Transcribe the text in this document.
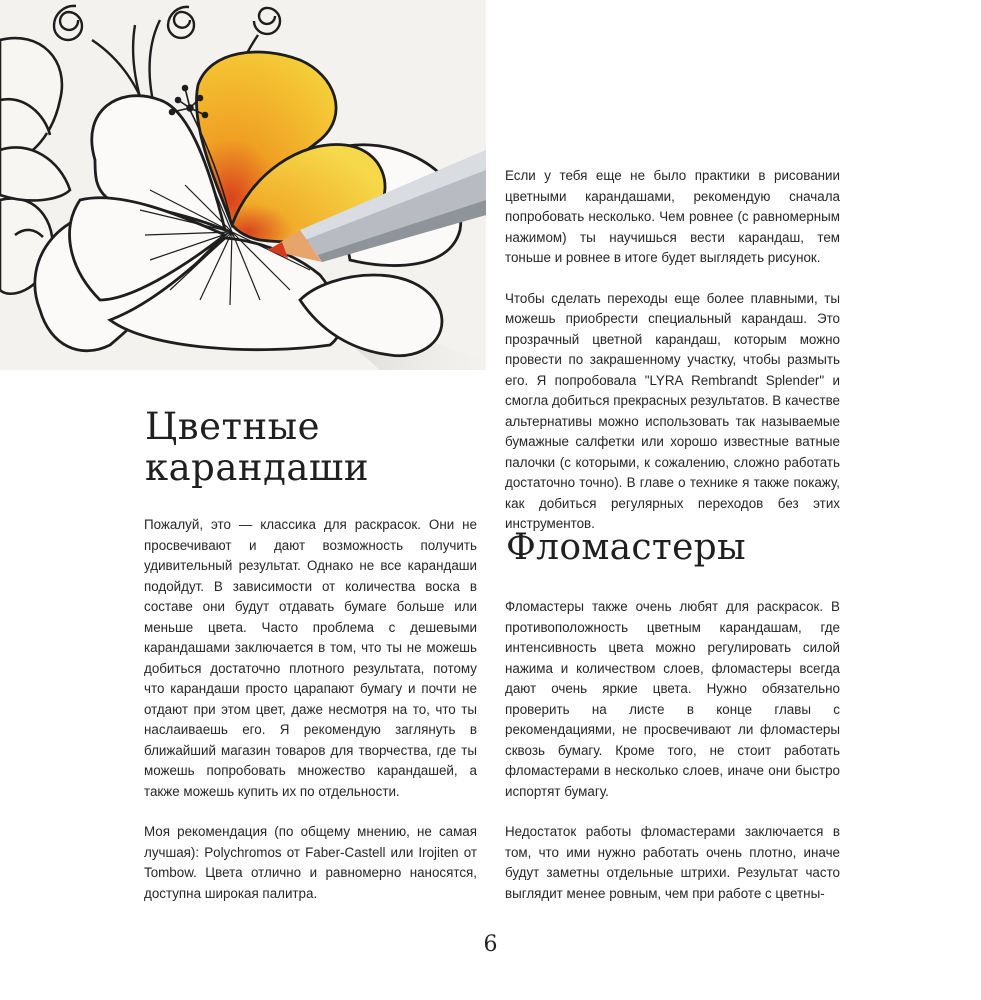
Цветные
карандаши

Пожалуй, это — классика для раскрасок. Они не просвечивают и дают возможность получить удивительный результат. Однако не все карандаши подойдут. В зависимости от количества воска в составе они будут отдавать бумаге больше или меньше цвета. Часто проблема с дешевыми карандашами заключается в том, что ты не можешь добиться достаточно плотного результата, потому что карандаши просто царапают бумагу и почти не отдают при этом цвет, даже несмотря на то, что ты наслаиваешь его. Я рекомендую заглянуть в ближайший магазин товаров для творчества, где ты можешь попробовать множество карандашей, а также можешь купить их по отдельности.

Моя рекомендация (по общему мнению, не самая лучшая): Polychromos от Faber-Castell или Irojiten от Tombow. Цвета отлично и равномерно наносятся, доступна широкая палитра.

Если у тебя еще не было практики в рисовании цветными карандашами, рекомендую сначала попробовать несколько. Чем ровнее (с равномерным нажимом) ты научишься вести карандаш, тем тоньше и ровнее в итоге будет выглядеть рисунок.

Чтобы сделать переходы еще более плавными, ты можешь приобрести специальный карандаш. Это прозрачный цветной карандаш, которым можно провести по закрашенному участку, чтобы размыть его. Я попробовала "LYRA Rembrandt Splender" и смогла добиться прекрасных результатов. В качестве альтернативы можно использовать так называемые бумажные салфетки или хорошо известные ватные палочки (с которыми, к сожалению, сложно работать достаточно точно). В главе о технике я также покажу, как добиться регулярных переходов без этих инструментов.

Фломастеры

Фломастеры также очень любят для раскрасок. В противоположность цветным карандашам, где интенсивность цвета можно регулировать силой нажима и количеством слоев, фломастеры всегда дают очень яркие цвета. Нужно обязательно проверить на листе в конце главы с рекомендациями, не просвечивают ли фломастеры сквозь бумагу. Кроме того, не стоит работать фломастерами в несколько слоев, иначе они быстро испортят бумагу.

Недостаток работы фломастерами заключается в том, что ими нужно работать очень плотно, иначе будут заметны отдельные штрихи. Результат часто выглядит менее ровным, чем при работе с цветны-

6
